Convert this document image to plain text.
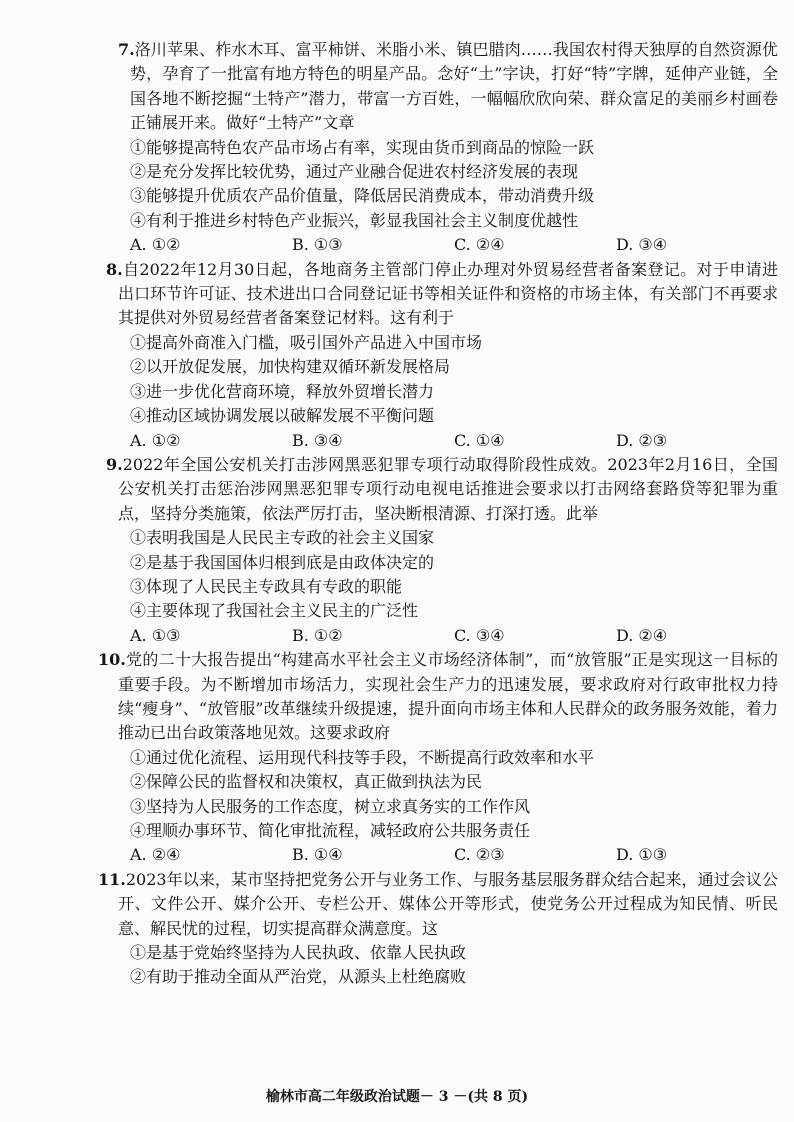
7.洛川苹果、柞水木耳、富平柿饼、米脂小米、镇巴腊肉……我国农村得天独厚的自然资源优势，孕育了一批富有地方特色的明星产品。念好“土”字诀，打好“特”字牌，延伸产业链，全国各地不断挖掘“土特产”潜力，带富一方百姓，一幅幅欣欣向荣、群众富足的美丽乡村画卷正铺展开来。做好“土特产”文章

①能够提高特色农产品市场占有率，实现由货币到商品的惊险一跃

②是充分发挥比较优势，通过产业融合促进农村经济发展的表现

③能够提升优质农产品价值量，降低居民消费成本，带动消费升级

④有利于推进乡村特色产业振兴，彰显我国社会主义制度优越性

A. ①②	B. ①③	C. ②④	D. ③④

8.自2022年12月30日起，各地商务主管部门停止办理对外贸易经营者备案登记。对于申请进出口环节许可证、技术进出口合同登记证书等相关证件和资格的市场主体，有关部门不再要求其提供对外贸易经营者备案登记材料。这有利于

①提高外商准入门槛，吸引国外产品进入中国市场

②以开放促发展，加快构建双循环新发展格局

③进一步优化营商环境，释放外贸增长潜力

④推动区域协调发展以破解发展不平衡问题

A. ①②	B. ③④	C. ①④	D. ②③

9.2022年全国公安机关打击涉网黑恶犯罪专项行动取得阶段性成效。2023年2月16日，全国公安机关打击惩治涉网黑恶犯罪专项行动电视电话推进会要求以打击网络套路贷等犯罪为重点，坚持分类施策，依法严厉打击，坚决断根清源、打深打透。此举

①表明我国是人民民主专政的社会主义国家

②是基于我国国体归根到底是由政体决定的

③体现了人民民主专政具有专政的职能

④主要体现了我国社会主义民主的广泛性

A. ①③	B. ①②	C. ③④	D. ②④

10.党的二十大报告提出“构建高水平社会主义市场经济体制”，而“放管服”正是实现这一目标的重要手段。为不断增加市场活力，实现社会生产力的迅速发展，要求政府对行政审批权力持续“瘦身”、“放管服”改革继续升级提速，提升面向市场主体和人民群众的政务服务效能，着力推动已出台政策落地见效。这要求政府

①通过优化流程、运用现代科技等手段，不断提高行政效率和水平

②保障公民的监督权和决策权，真正做到执法为民

③坚持为人民服务的工作态度，树立求真务实的工作作风

④理顺办事环节、简化审批流程，减轻政府公共服务责任

A. ②④	B. ①④	C. ②③	D. ①③

11.2023年以来，某市坚持把党务公开与业务工作、与服务基层服务群众结合起来，通过会议公开、文件公开、媒介公开、专栏公开、媒体公开等形式，使党务公开过程成为知民情、听民意、解民忧的过程，切实提高群众满意度。这

①是基于党始终坚持为人民执政、依靠人民执政

②有助于推动全面从严治党，从源头上杜绝腐败

榆林市高二年级政治试题－ 3 －(共 8 页)
